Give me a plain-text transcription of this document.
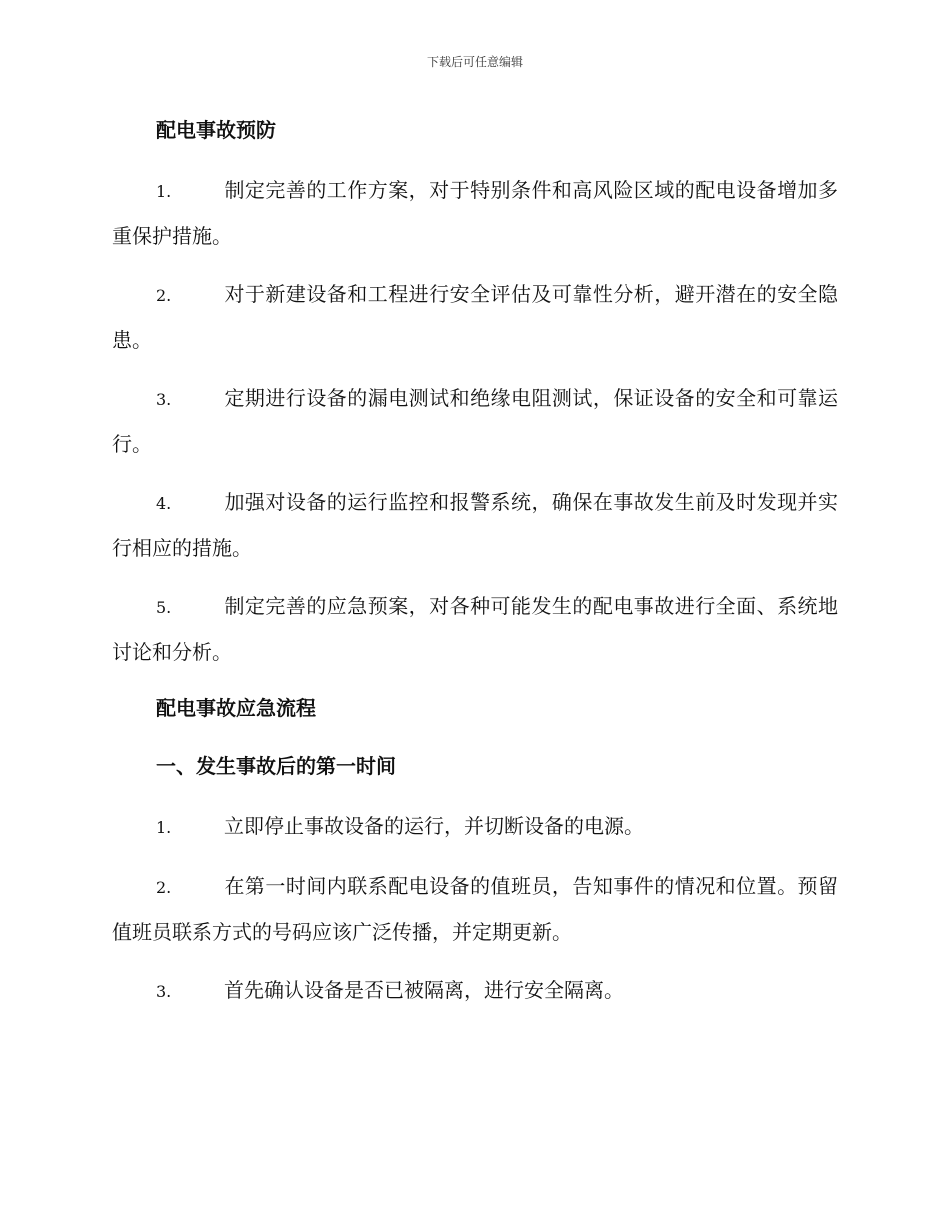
下载后可任意编辑
配电事故预防
1.	制定完善的工作方案，对于特别条件和高风险区域的配电设备增加多重保护措施。
2.	对于新建设备和工程进行安全评估及可靠性分析，避开潜在的安全隐患。
3.	定期进行设备的漏电测试和绝缘电阻测试，保证设备的安全和可靠运行。
4.	加强对设备的运行监控和报警系统，确保在事故发生前及时发现并实行相应的措施。
5.	制定完善的应急预案，对各种可能发生的配电事故进行全面、系统地讨论和分析。
配电事故应急流程
一、发生事故后的第一时间
1.	立即停止事故设备的运行，并切断设备的电源。
2.	在第一时间内联系配电设备的值班员，告知事件的情况和位置。预留值班员联系方式的号码应该广泛传播，并定期更新。
3.	首先确认设备是否已被隔离，进行安全隔离。
